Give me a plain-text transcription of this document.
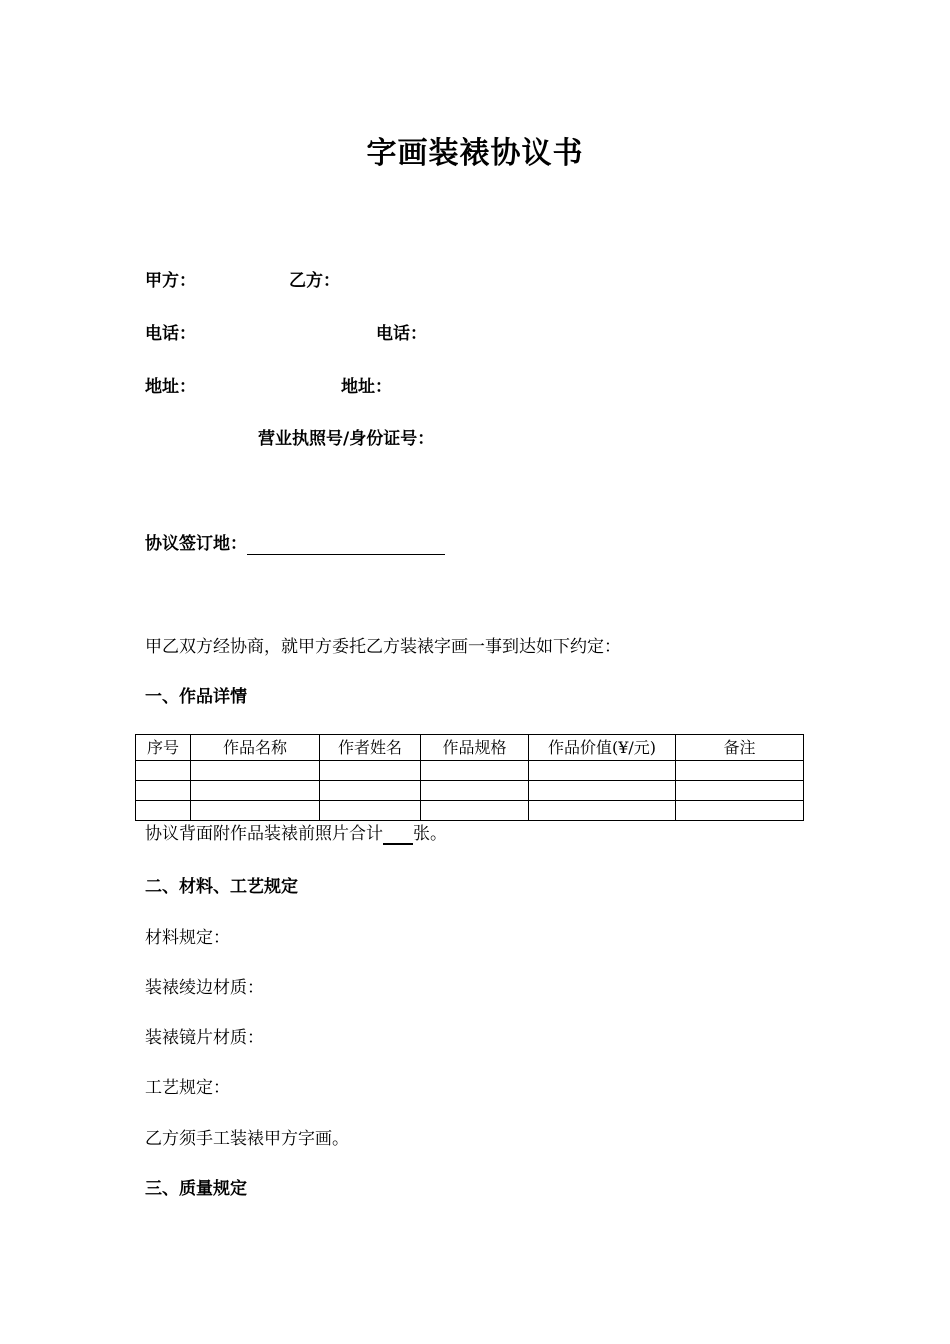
字画装裱协议书
甲方：	乙方：
电话：	电话：
地址：	地址：
营业执照号/身份证号：
协议签订地：
甲乙双方经协商，就甲方委托乙方装裱字画一事到达如下约定：
一、作品详情
序号	作品名称	作者姓名	作品规格	作品价值(¥/元)	备注

协议背面附作品装裱前照片合计 张。
二、材料、工艺规定
材料规定：
装裱绫边材质：
装裱镜片材质：
工艺规定：
乙方须手工装裱甲方字画。
三、质量规定
